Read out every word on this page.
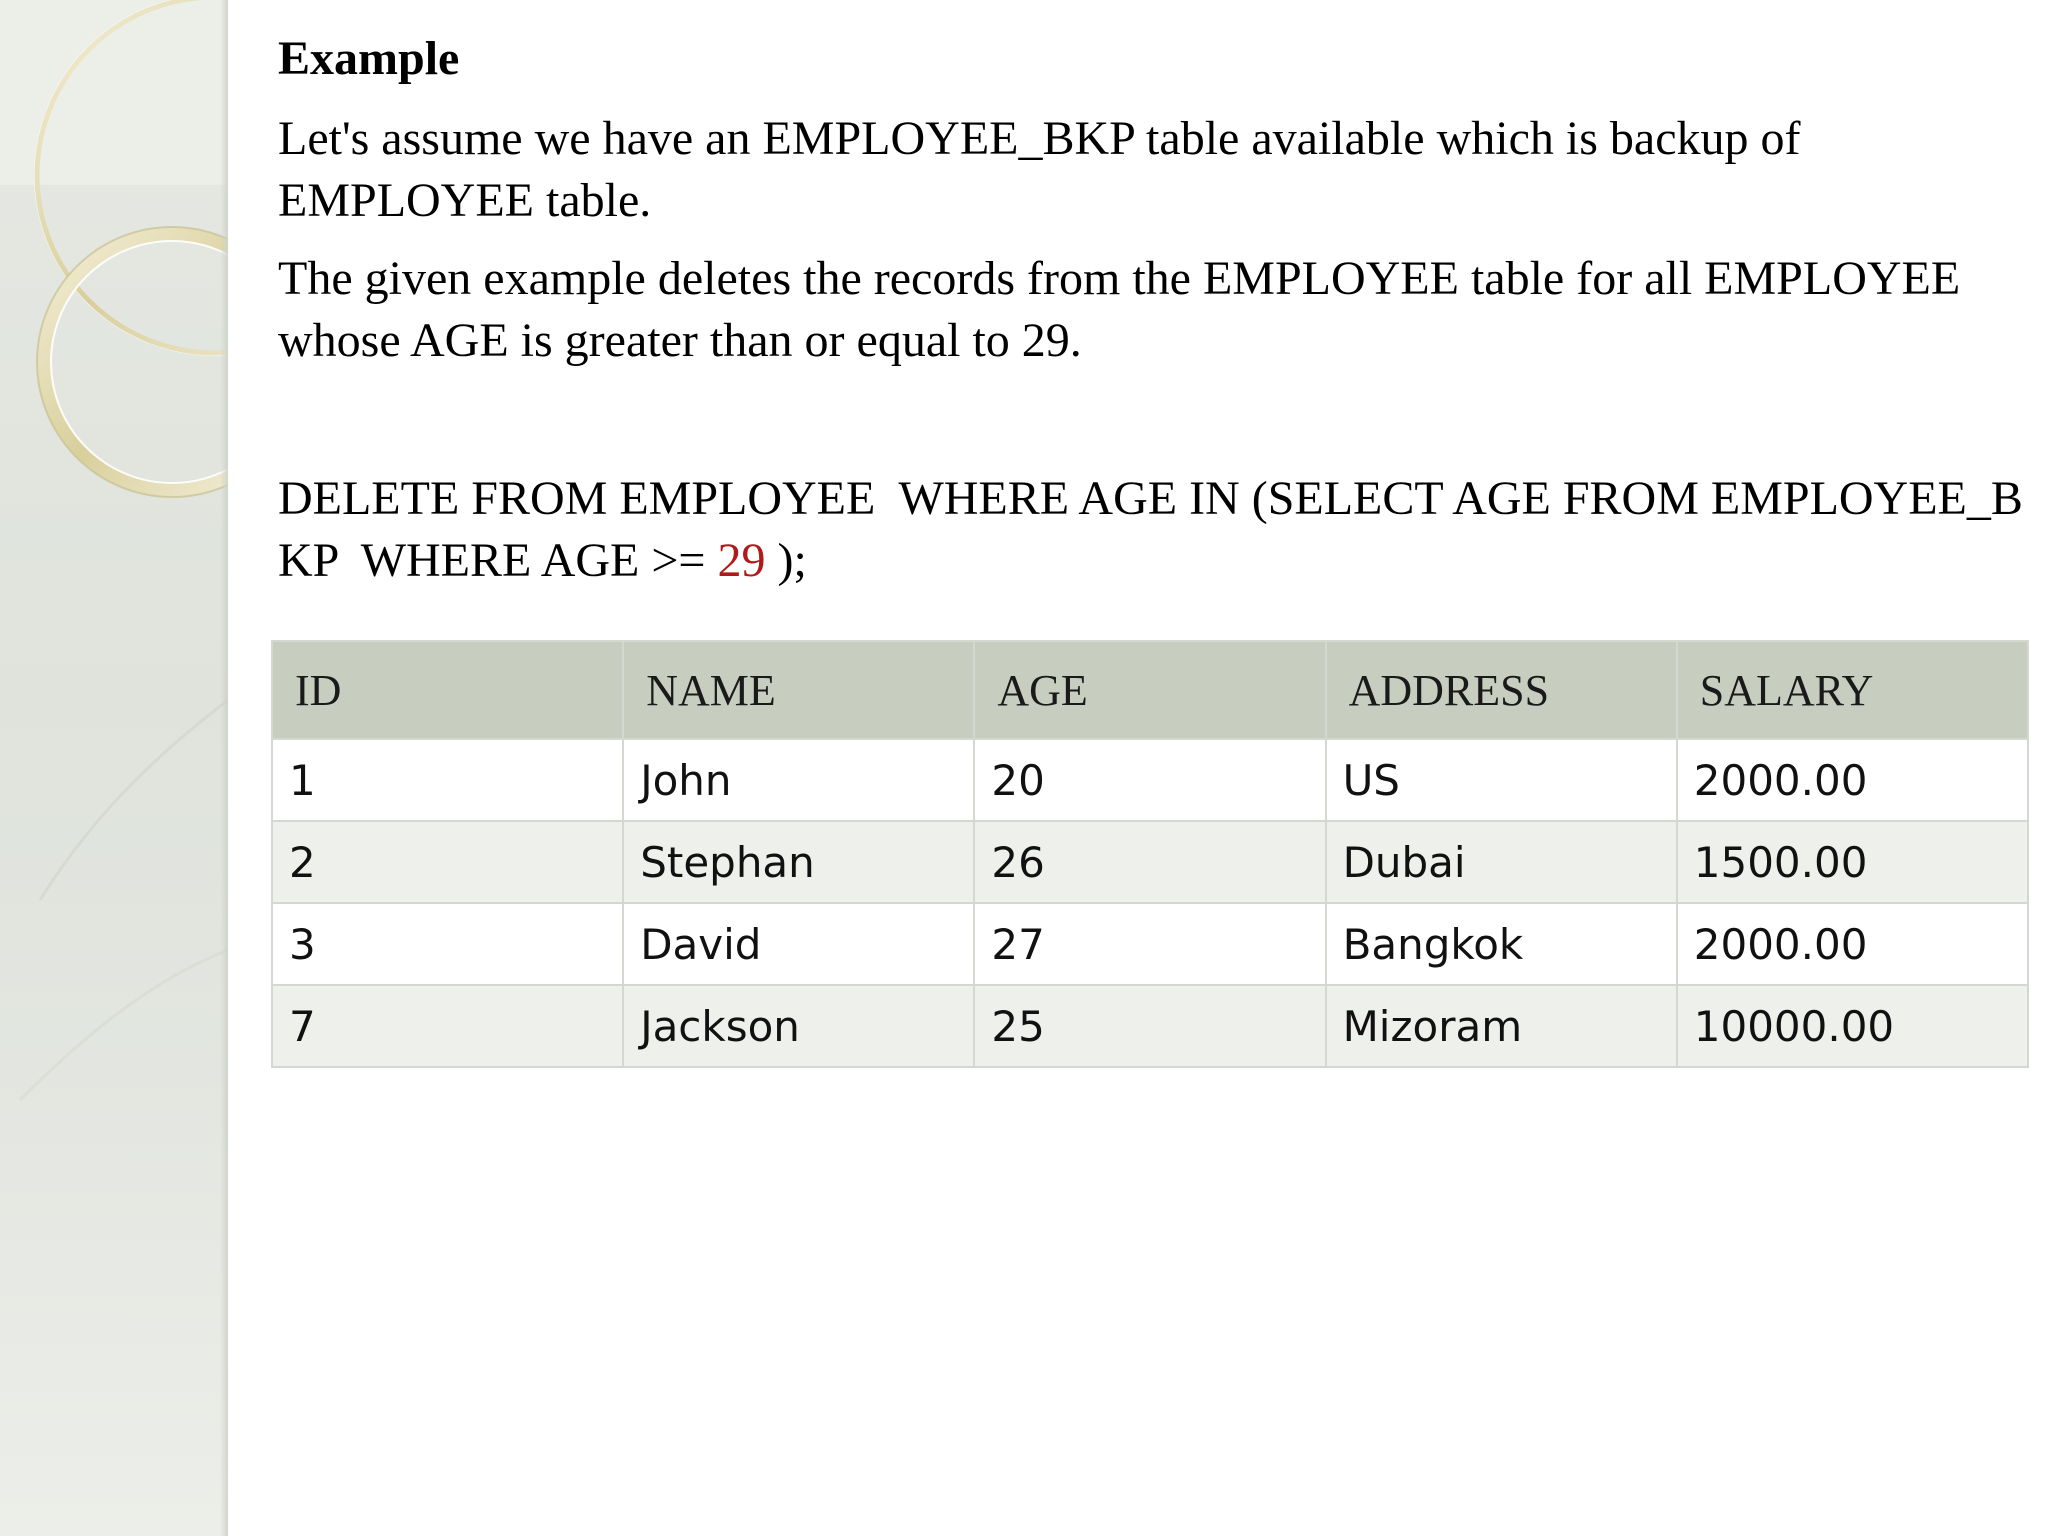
Example
Let's assume we have an EMPLOYEE_BKP table available which is backup of EMPLOYEE table.
The given example deletes the records from the EMPLOYEE table for all EMPLOYEE whose AGE is greater than or equal to 29.
DELETE FROM EMPLOYEE  WHERE AGE IN (SELECT AGE FROM EMPLOYEE_BKP  WHERE AGE >= 29 );
ID	NAME	AGE	ADDRESS	SALARY
1	John	20	US	2000.00
2	Stephan	26	Dubai	1500.00
3	David	27	Bangkok	2000.00
7	Jackson	25	Mizoram	10000.00
